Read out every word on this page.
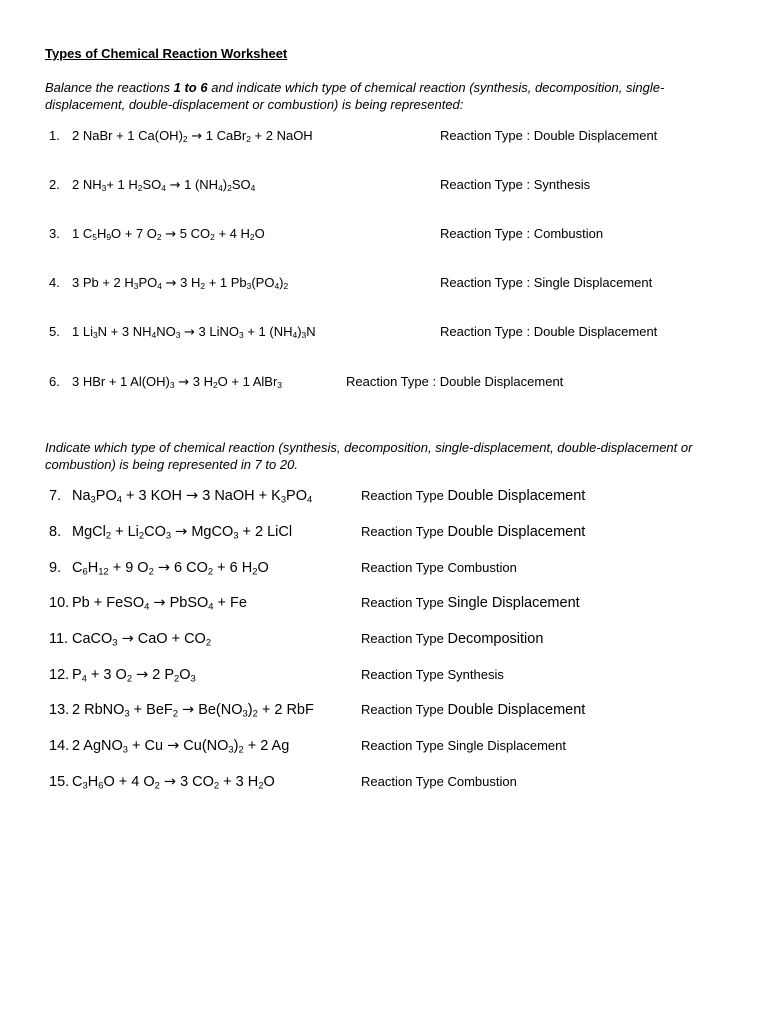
Types of Chemical Reaction Worksheet
Balance the reactions 1 to 6 and indicate which type of chemical reaction (synthesis, decomposition, single-displacement, double-displacement or combustion) is being represented:
1. 2 NaBr + 1 $Ca(OH)_2 \to 1$ CaBr$_2$ + 2 NaOH	Reaction Type : Double Displacement
2. 2 $NH_3+ 1$ $H_2SO_4 \to 1$ $(NH_4)_2SO_4$	Reaction Type : Synthesis
3. 1 $C_5H_9O + 7$ $O_2 \to 5$ $CO_2 + 4$ $H_2O$	Reaction Type : Combustion
4. 3 Pb + 2 $H_3PO_4 \to 3$ $H_2 + 1$ $Pb_3(PO_4)_2$	Reaction Type : Single Displacement
5. 1 $Li_3N + 3$ $NH_4NO_3 \to 3$ LiNO$_3$ + 1 $(NH_4)_3N$	Reaction Type : Double Displacement
6. 3 HBr + 1 $Al(OH)_3 \to 3$ $H_2O + 1$ AlBr$_3$	Reaction Type : Double Displacement
Indicate which type of chemical reaction (synthesis, decomposition, single-displacement, double-displacement or combustion) is being represented in 7 to 20.
7. $Na_3PO_4 + 3$ KOH → 3 NaOH + $K_3PO_4$	Reaction Type Double Displacement
8. MgCl$_2$ + $Li_2CO_3$ → MgCO$_3$ + 2 LiCl	Reaction Type Double Displacement
9. $C_6H_{12} + 9$ $O_2 \to 6$ $CO_2 + 6$ $H_2O$	Reaction Type Combustion
10. Pb + FeSO$_4$ → PbSO$_4$ + Fe	Reaction Type Single Displacement
11. CaCO$_3$ → CaO + $CO_2$	Reaction Type Decomposition
12. $P_4 + 3$ $O_2 \to 2$ $P_2O_3$	Reaction Type Synthesis
13. 2 RbNO$_3$ + $BeF_2 \to Be(NO_3)_2 + 2$ RbF	Reaction Type Double Displacement
14. 2 AgNO$_3$ + $Cu \to Cu(NO_3)_2 + 2$ Ag	Reaction Type Single Displacement
15. $C_3H_6O + 4$ $O_2 \to 3$ $CO_2 + 3$ $H_2O$	Reaction Type Combustion
